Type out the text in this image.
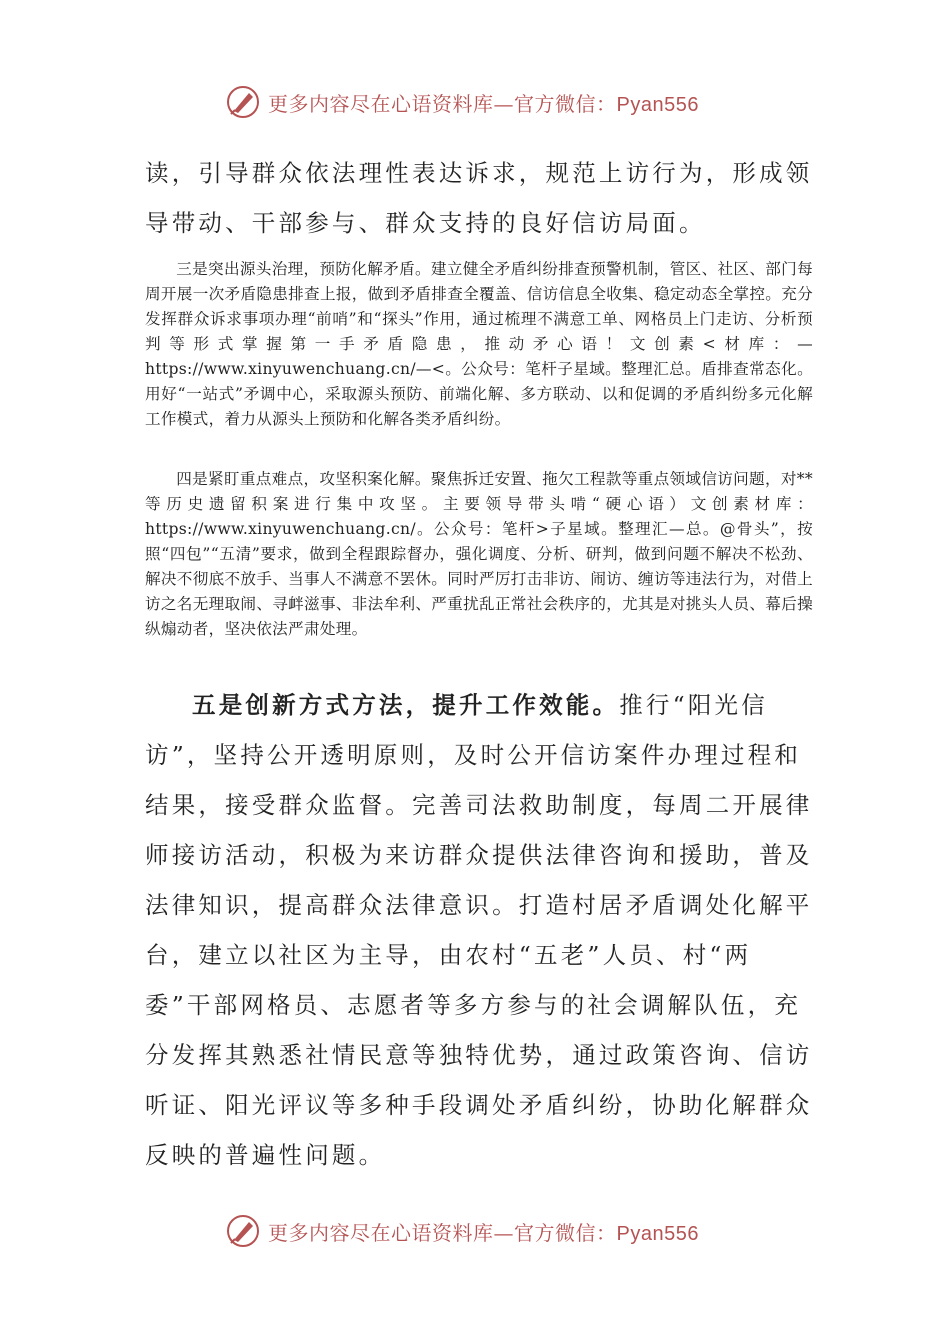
更多内容尽在心语资料库—官方微信：Pyan556
读，引导群众依法理性表达诉求，规范上访行为，形成领导带动、干部参与、群众支持的良好信访局面。
三是突出源头治理，预防化解矛盾。建立健全矛盾纠纷排查预警机制，管区、社区、部门每周开展一次矛盾隐患排查上报，做到矛盾排查全覆盖、信访信息全收集、稳定动态全掌控。充分发挥群众诉求事项办理“前哨”和“探头”作用，通过梳理不满意工单、网格员上门走访、分析预判等形式掌握第一手矛盾隐患，推动矛心语！文创素<材库：—https://www.xinyuwenchuang.cn/—<。公众号：笔杆子星域。整理汇总。盾排查常态化。用好“一站式”矛调中心，采取源头预防、前端化解、多方联动、以和促调的矛盾纠纷多元化解工作模式，着力从源头上预防和化解各类矛盾纠纷。
四是紧盯重点难点，攻坚积案化解。聚焦拆迁安置、拖欠工程款等重点领域信访问题，对**等历史遗留积案进行集中攻坚。主要领导带头啃“硬心语）文创素材库：https://www.xinyuwenchuang.cn/。公众号：笔杆>子星域。整理汇—总。@骨头”，按照“四包”“五清”要求，做到全程跟踪督办，强化调度、分析、研判，做到问题不解决不松劲、解决不彻底不放手、当事人不满意不罢休。同时严厉打击非访、闹访、缠访等违法行为，对借上访之名无理取闹、寻衅滋事、非法牟利、严重扰乱正常社会秩序的，尤其是对挑头人员、幕后操纵煽动者，坚决依法严肃处理。
五是创新方式方法，提升工作效能。推行“阳光信访”，坚持公开透明原则，及时公开信访案件办理过程和结果，接受群众监督。完善司法救助制度，每周二开展律师接访活动，积极为来访群众提供法律咨询和援助，普及法律知识，提高群众法律意识。打造村居矛盾调处化解平台，建立以社区为主导，由农村“五老”人员、村“两委”干部网格员、志愿者等多方参与的社会调解队伍，充分发挥其熟悉社情民意等独特优势，通过政策咨询、信访听证、阳光评议等多种手段调处矛盾纠纷，协助化解群众反映的普遍性问题。
更多内容尽在心语资料库—官方微信：Pyan556
